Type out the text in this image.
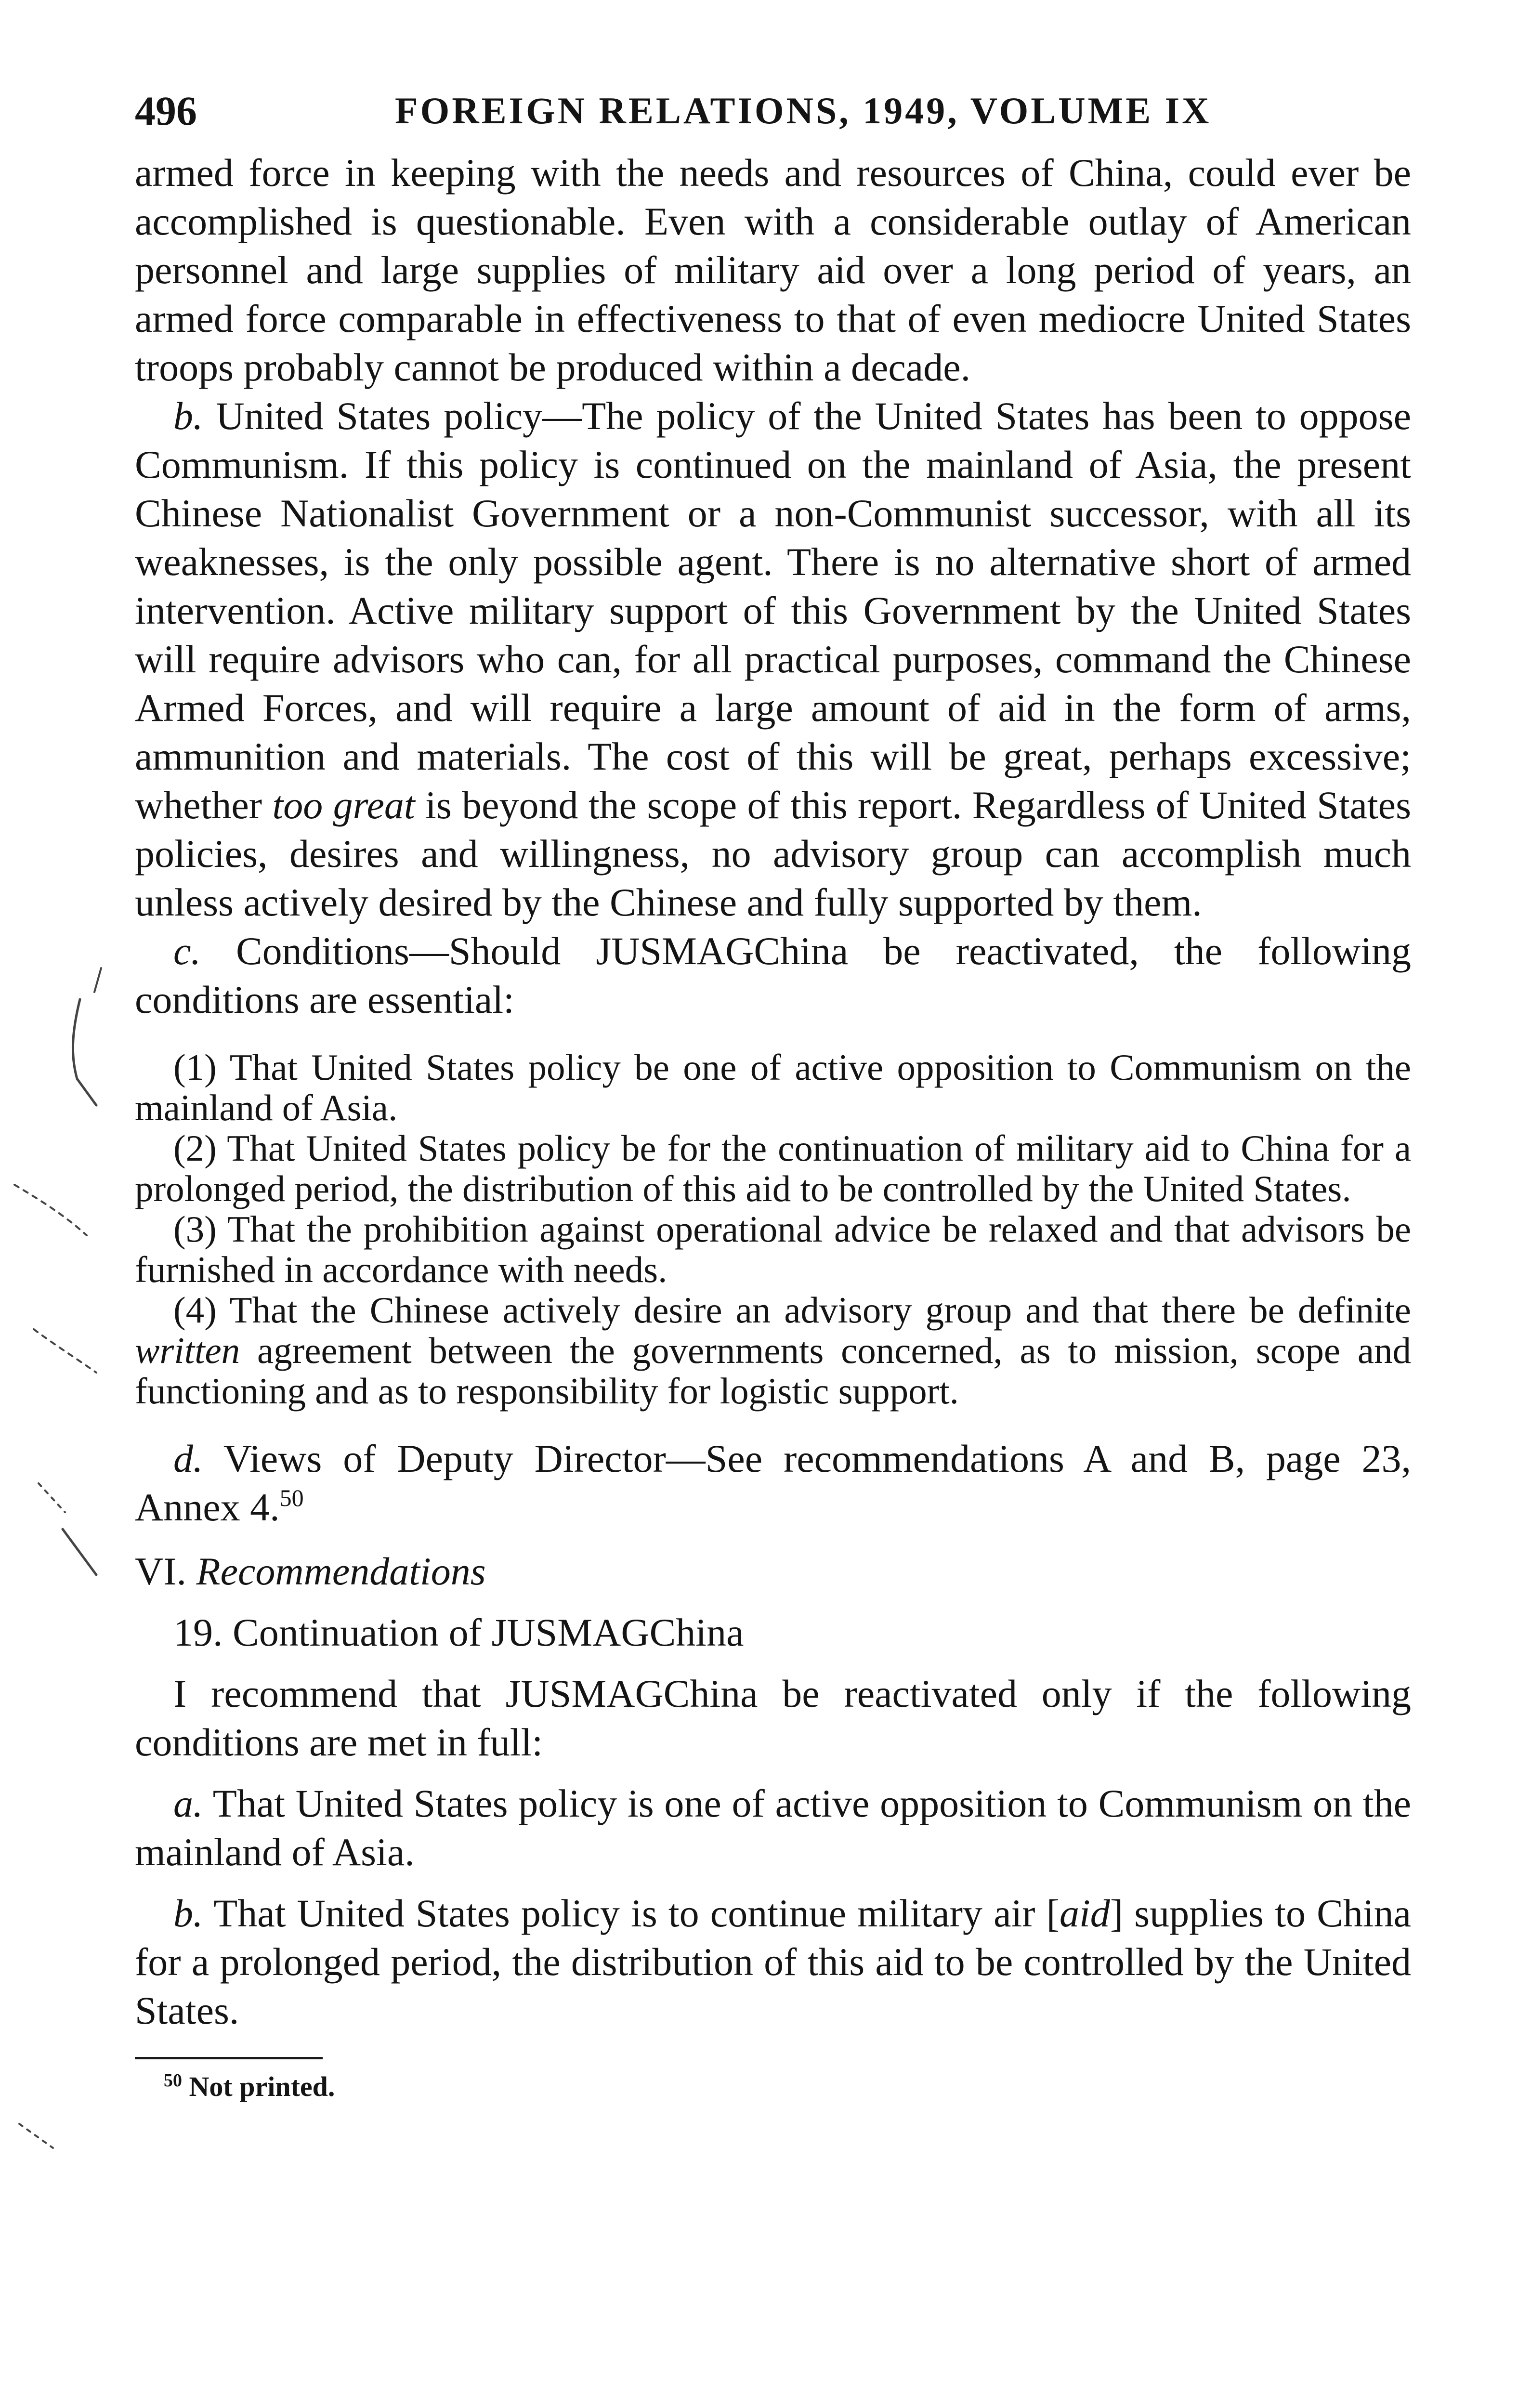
496	FOREIGN RELATIONS, 1949, VOLUME IX

armed force in keeping with the needs and resources of China, could ever be accomplished is questionable. Even with a considerable outlay of American personnel and large supplies of military aid over a long period of years, an armed force comparable in effectiveness to that of even mediocre United States troops probably cannot be produced within a decade.

b. United States policy—The policy of the United States has been to oppose Communism. If this policy is continued on the mainland of Asia, the present Chinese Nationalist Government or a non-Communist successor, with all its weaknesses, is the only possible agent. There is no alternative short of armed intervention. Active military support of this Government by the United States will require advisors who can, for all practical purposes, command the Chinese Armed Forces, and will require a large amount of aid in the form of arms, ammunition and materials. The cost of this will be great, perhaps excessive; whether too great is beyond the scope of this report. Regardless of United States policies, desires and willingness, no advisory group can accomplish much unless actively desired by the Chinese and fully supported by them.

c. Conditions—Should JUSMAGChina be reactivated, the following conditions are essential:

(1) That United States policy be one of active opposition to Communism on the mainland of Asia.

(2) That United States policy be for the continuation of military aid to China for a prolonged period, the distribution of this aid to be controlled by the United States.

(3) That the prohibition against operational advice be relaxed and that advisors be furnished in accordance with needs.

(4) That the Chinese actively desire an advisory group and that there be definite written agreement between the governments concerned, as to mission, scope and functioning and as to responsibility for logistic support.

d. Views of Deputy Director—See recommendations A and B, page 23, Annex 4.50

VI. Recommendations

19. Continuation of JUSMAGChina

I recommend that JUSMAGChina be reactivated only if the following conditions are met in full:

a. That United States policy is one of active opposition to Communism on the mainland of Asia.

b. That United States policy is to continue military air [aid] supplies to China for a prolonged period, the distribution of this aid to be controlled by the United States.

$^{50}$ Not printed.
